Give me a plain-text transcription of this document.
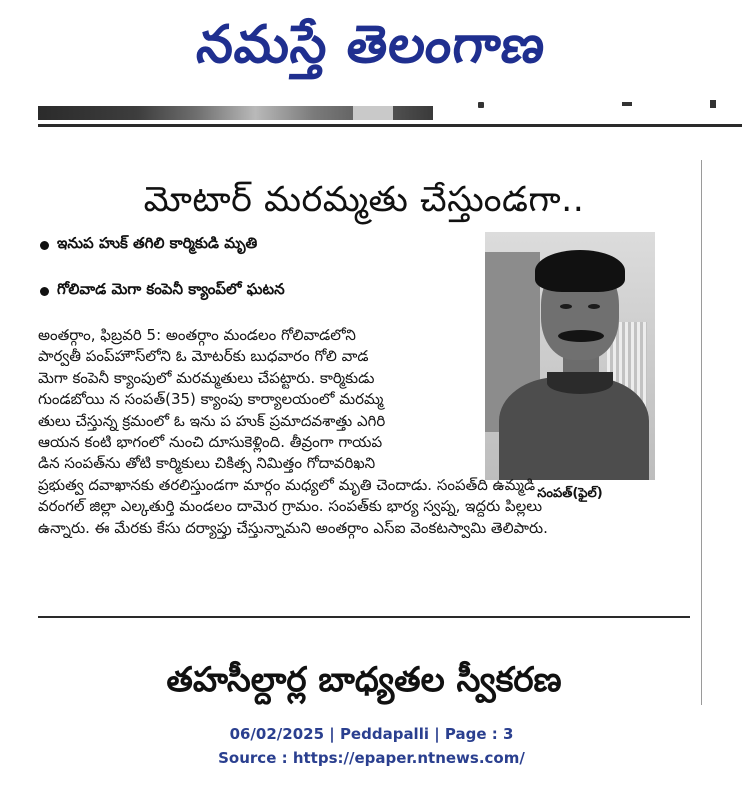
నమస్తే తెలంగాణ
మోటార్ మరమ్మతు చేస్తుండగా..
ఇనుప హుక్ తగిలి కార్మికుడి మృతి
గోలివాడ మెగా కంపెనీ క్యాంప్‌లో ఘటన
సంపత్(ఫైల్)
అంతర్గాం, ఫిబ్రవరి 5: అంతర్గాం మండలం గోలివాడలోని
పార్వతీ పంప్‌హౌస్‌లోని ఓ మోటర్‌కు బుధవారం గోలి వాడ
మెగా కంపెనీ క్యాంపులో మరమ్మతులు చేపట్టారు. కార్మికుడు
గుండబోయి న సంపత్(35) క్యాంపు కార్యాలయంలో మరమ్మ
తులు చేస్తున్న క్రమంలో ఓ ఇను ప హుక్ ప్రమాదవశాత్తు ఎగిరి
ఆయన కంటి భాగంలో నుంచి దూసుకెళ్లింది. తీవ్రంగా గాయప
డిన సంపత్‌ను తోటి కార్మికులు చికిత్స నిమిత్తం గోదావరిఖని
ప్రభుత్వ దవాఖానకు తరలిస్తుండగా మార్గం మధ్యలో మృతి చెందాడు. సంపత్‌ది ఉమ్మడి
వరంగల్ జిల్లా ఎల్కతుర్తి మండలం దామెర గ్రామం. సంపత్‌కు భార్య స్వప్న, ఇద్దరు పిల్లలు
ఉన్నారు. ఈ మేరకు కేసు దర్యాప్తు చేస్తున్నామని అంతర్గాం ఎస్ఐ వెంకటస్వామి తెలిపారు.
తహసీల్దార్ల బాధ్యతల స్వీకరణ
06/02/2025 | Peddapalli | Page : 3
Source : https://epaper.ntnews.com/
